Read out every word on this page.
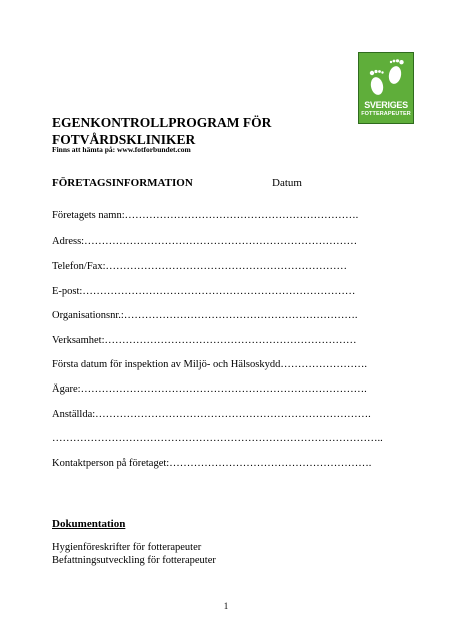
SVERIGES
FOTTERAPEUTER
EGENKONTROLLPROGRAM FÖR
FOTVÅRDSKLINIKER
Finns att hämta på: www.fotforbundet.com
FÖRETAGSINFORMATION	Datum
Företagets namn:………………………………………………………….
Adress:……………………………………………………………………
Telefon/Fax:……………………………………………………………
E-post:……………………………………………………………………
Organisationsnr.:………………………………………………………….
Verksamhet:………………………………………………………………
Första datum för inspektion av Miljö- och Hälsoskydd…………………….
Ägare:……………………………………………………………………….
Anställda:…………………………………………………………………….
…………………………………………………………………………………..
Kontaktperson på företaget:………………………………………………….
Dokumentation
Hygienföreskrifter för fotterapeuter
Befattningsutveckling för fotterapeuter
1
